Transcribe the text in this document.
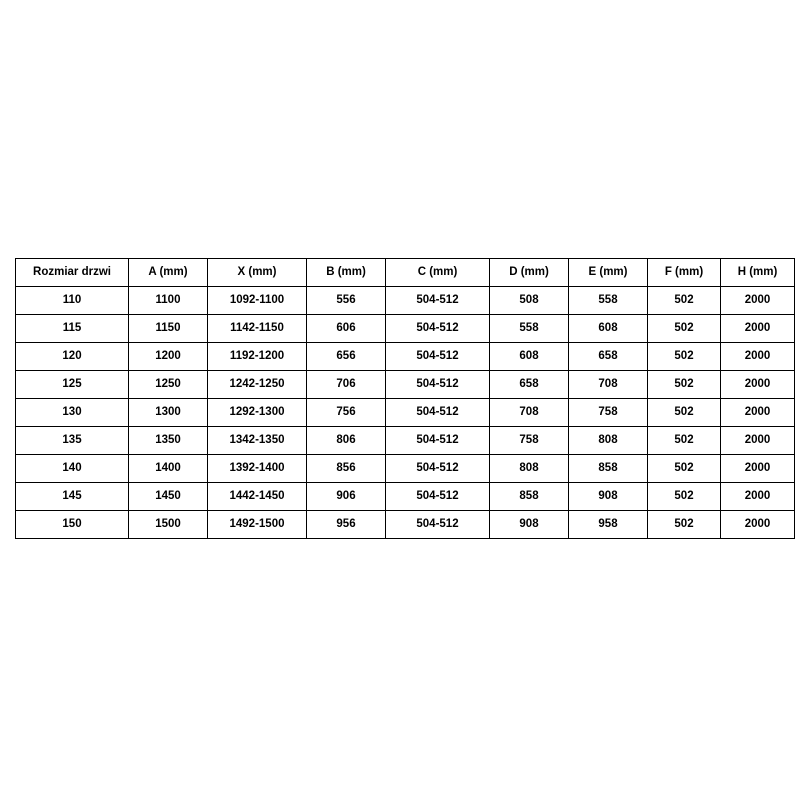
Rozmiar drzwi	A (mm)	X (mm)	B (mm)	C (mm)	D (mm)	E (mm)	F (mm)	H (mm)
110	1100	1092-1100	556	504-512	508	558	502	2000
115	1150	1142-1150	606	504-512	558	608	502	2000
120	1200	1192-1200	656	504-512	608	658	502	2000
125	1250	1242-1250	706	504-512	658	708	502	2000
130	1300	1292-1300	756	504-512	708	758	502	2000
135	1350	1342-1350	806	504-512	758	808	502	2000
140	1400	1392-1400	856	504-512	808	858	502	2000
145	1450	1442-1450	906	504-512	858	908	502	2000
150	1500	1492-1500	956	504-512	908	958	502	2000
